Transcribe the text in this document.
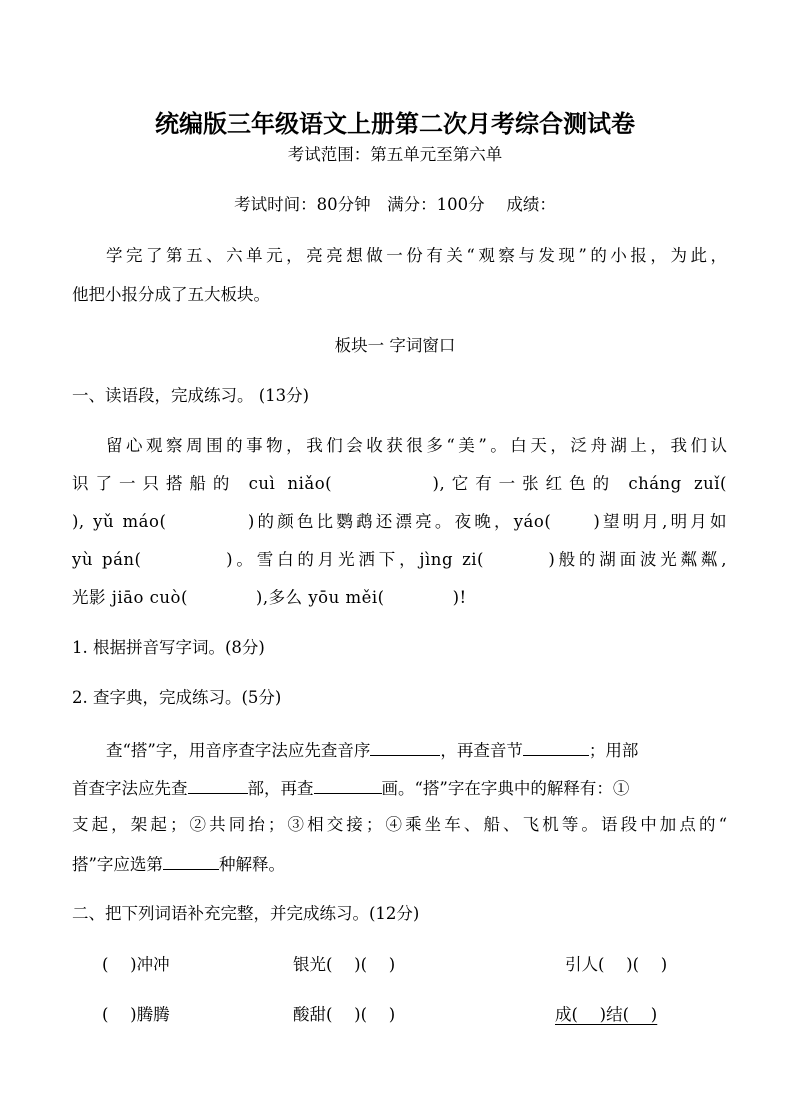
统编版三年级语文上册第二次月考综合测试卷
考试范围：第五单元至第六单
考试时间：80分钟　满分：100分　 成绩：
学完了第五、六单元，亮亮想做一份有关“观察与发现”的小报，为此，
他把小报分成了五大板块。
板块一 字词窗口
一、读语段，完成练习。 (13分)
留心观察周围的事物，我们会收获很多“美”。白天，泛舟湖上，我们认
识了一只搭船的 cuì niǎo(　　　　),它有一张红色的 cháng zuǐ(
), yǔ máo(　　　　)的颜色比鹦鹉还漂亮。夜晚，yáo(　　)望明月,明月如
yù pán(　　　　)。雪白的月光洒下，jìng zi(　　　)般的湖面波光粼粼,
光影 jiāo cuò(　　　　),多么 yōu měi(　　　　)!
1. 根据拼音写字词。(8分)
2. 查字典，完成练习。(5分)
查“搭”字，用音序查字法应先查音序	，再查音节	；用部
首查字法应先查	部，再查	画。“搭”字在字典中的解释有：①
支起，架起；②共同抬；③相交接；④乘坐车、船、飞机等。语段中加点的“
搭”字应选第	种解释。
二、把下列词语补充完整，并完成练习。(12分)
(　 )冲冲	银光(　 )(　 )	引人(　 )(　 )
(　 )腾腾	酸甜(　 )(　 )	成(　 )结(　 )
